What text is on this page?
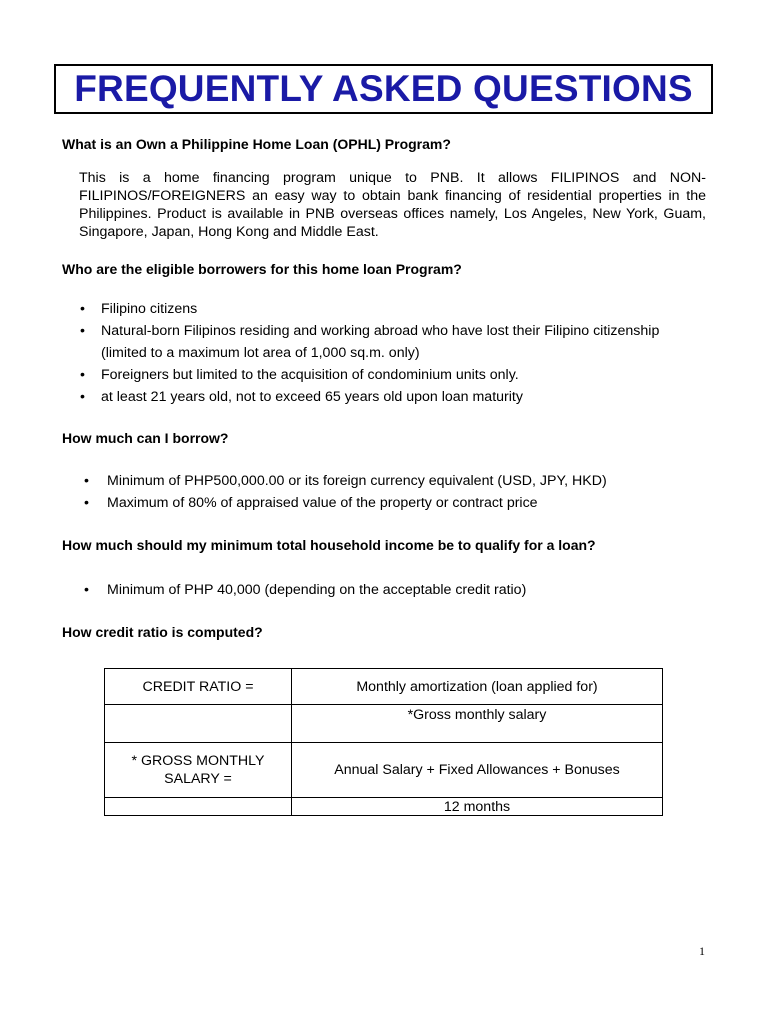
FREQUENTLY ASKED QUESTIONS

What is an Own a Philippine Home Loan (OPHL) Program?

This is a home financing program unique to PNB. It allows FILIPINOS and NON-FILIPINOS/FOREIGNERS an easy way to obtain bank financing of residential properties in the Philippines. Product is available in PNB overseas offices namely, Los Angeles, New York, Guam, Singapore, Japan, Hong Kong and Middle East.

Who are the eligible borrowers for this home loan Program?

• Filipino citizens
• Natural-born Filipinos residing and working abroad who have lost their Filipino citizenship
(limited to a maximum lot area of 1,000 sq.m. only)
• Foreigners but limited to the acquisition of condominium units only.
• at least 21 years old, not to exceed 65 years old upon loan maturity

How much can I borrow?

• Minimum of PHP500,000.00 or its foreign currency equivalent (USD, JPY, HKD)
• Maximum of 80% of appraised value of the property or contract price

How much should my minimum total household income be to qualify for a loan?

• Minimum of PHP 40,000 (depending on the acceptable credit ratio)

How credit ratio is computed?

CREDIT RATIO =	Monthly amortization (loan applied for)
	*Gross monthly salary
* GROSS MONTHLY
SALARY =	Annual Salary + Fixed Allowances + Bonuses
	12 months
1
